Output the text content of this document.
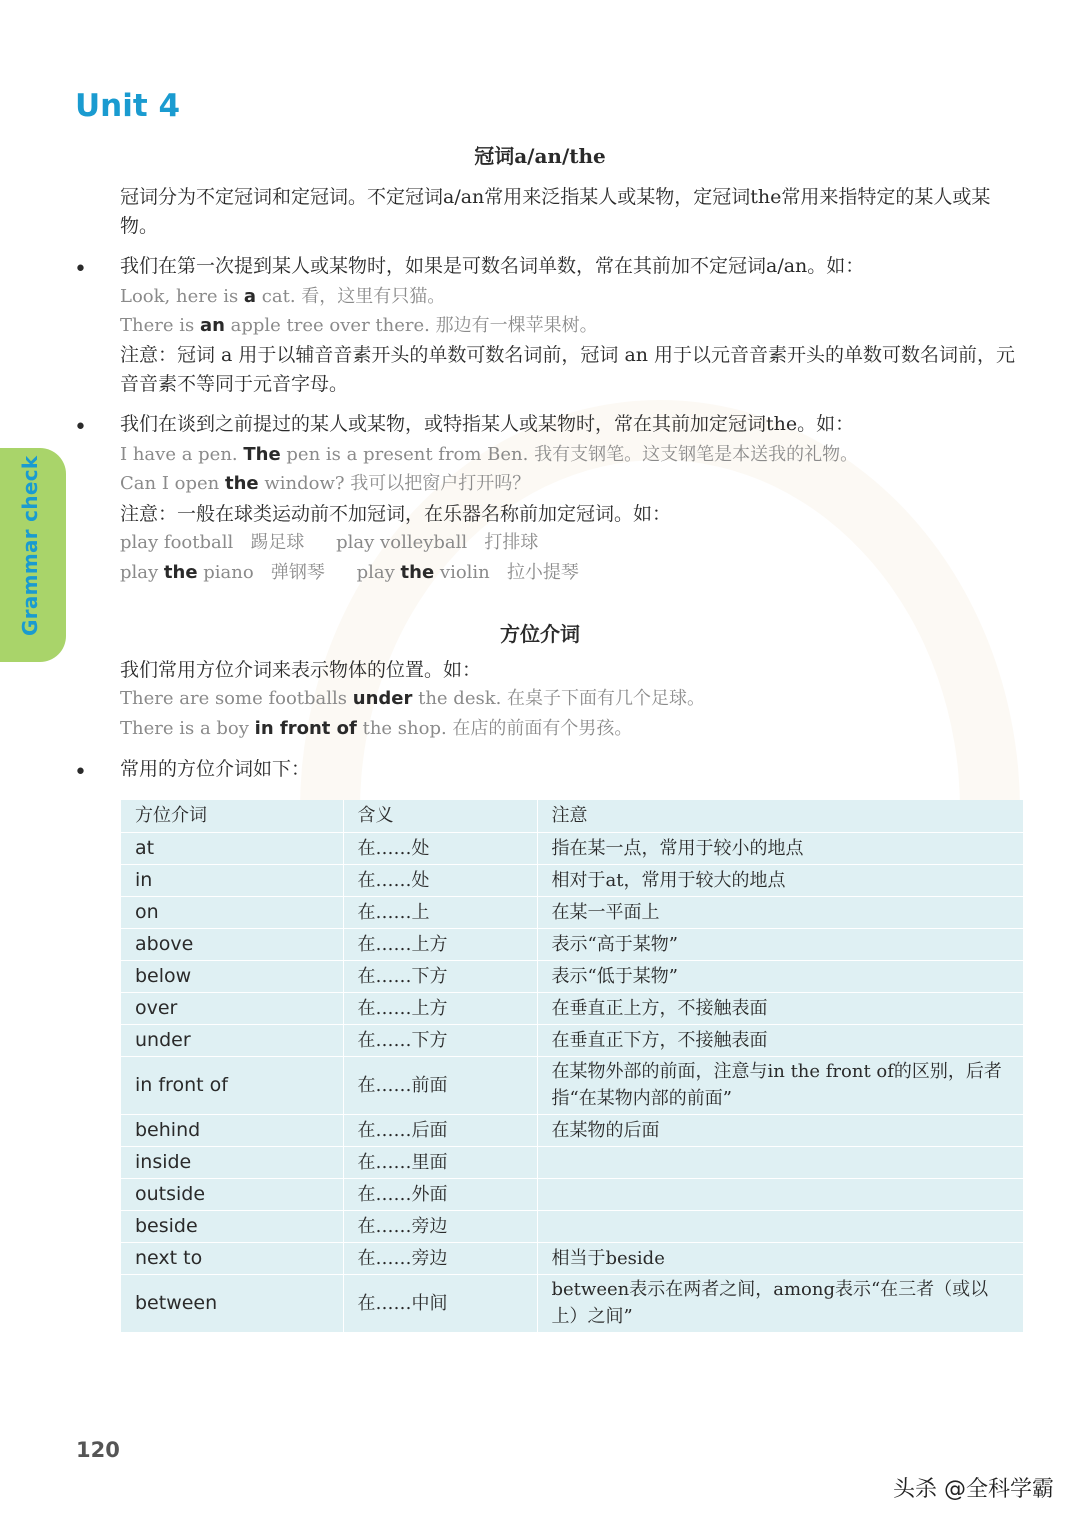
Unit 4
Grammar check
冠词a/an/the
冠词分为不定冠词和定冠词。不定冠词a/an常用来泛指某人或某物，定冠词the常用来指特定的某人或某物。
•
我们在第一次提到某人或某物时，如果是可数名词单数，常在其前加不定冠词a/an。如：
Look, here is a cat. 看，这里有只猫。
There is an apple tree over there. 那边有一棵苹果树。
注意：冠词 a 用于以辅音音素开头的单数可数名词前，冠词 an 用于以元音音素开头的单数可数名词前，元音音素不等同于元音字母。
•
我们在谈到之前提过的某人或某物，或特指某人或某物时，常在其前加定冠词the。如：
I have a pen. The pen is a present from Ben. 我有支钢笔。这支钢笔是本送我的礼物。
Can I open the window? 我可以把窗户打开吗？
注意：一般在球类运动前不加冠词，在乐器名称前加定冠词。如：
play football 踢足球 play volleyball 打排球
play the piano 弹钢琴 play the violin 拉小提琴
方位介词
我们常用方位介词来表示物体的位置。如：
There are some footballs under the desk. 在桌子下面有几个足球。
There is a boy in front of the shop. 在店的前面有个男孩。
•
常用的方位介词如下：
方位介词	含义	注意
at	在……处	指在某一点，常用于较小的地点
in	在……处	相对于at，常用于较大的地点
on	在……上	在某一平面上
above	在……上方	表示“高于某物”
below	在……下方	表示“低于某物”
over	在……上方	在垂直正上方，不接触表面
under	在……下方	在垂直正下方，不接触表面
in front of	在……前面	在某物外部的前面，注意与in the front of的区别，后者指“在某物内部的前面”
behind	在……后面	在某物的后面
inside	在……里面	
outside	在……外面	
beside	在……旁边	
next to	在……旁边	相当于beside
between	在……中间	between表示在两者之间，among表示“在三者（或以上）之间”
120
头杀 @全科学霸
